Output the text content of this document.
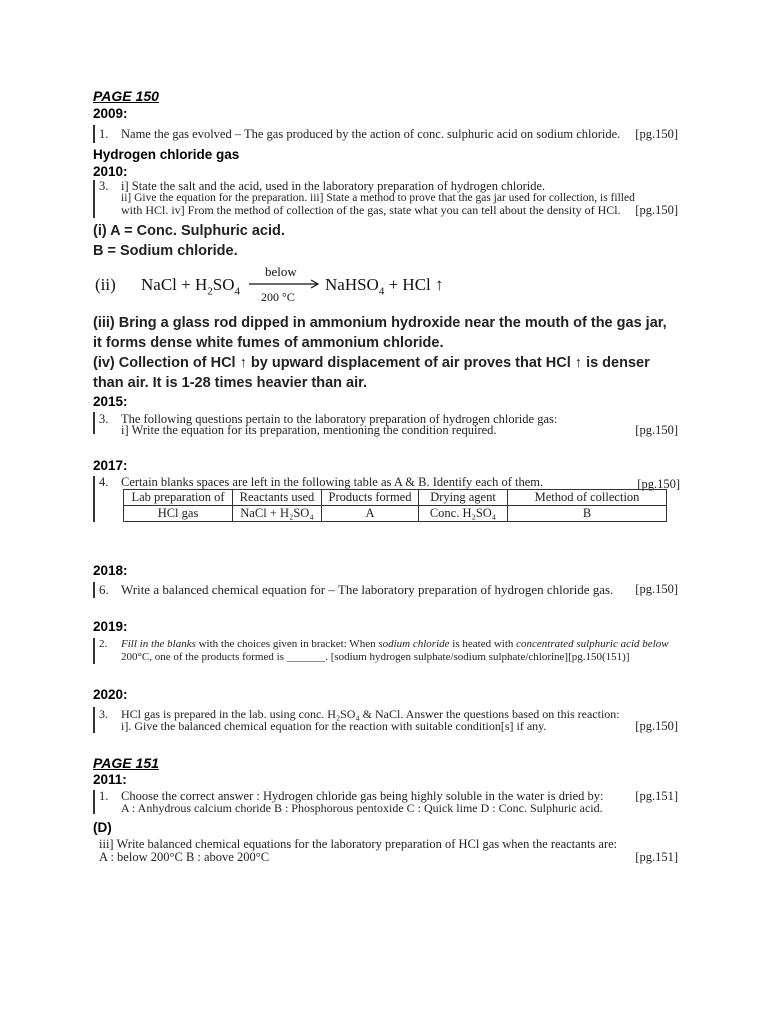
PAGE 150
2009:
1. Name the gas evolved – The gas produced by the action of conc. sulphuric acid on sodium chloride. [pg.150]
Hydrogen chloride gas
2010:
3. i] State the salt and the acid, used in the laboratory preparation of hydrogen chloride.
ii] Give the equation for the preparation. iii] State a method to prove that the gas jar used for collection, is filled
with HCl. iv] From the method of collection of the gas, state what you can tell about the density of HCl. [pg.150]
(i) A = Conc. Sulphuric acid.
B = Sodium chloride.
(ii) NaCl + $H_2SO_4$
below
200 °C
NaHSO$_4$ + HCl ↑
(iii) Bring a glass rod dipped in ammonium hydroxide near the mouth of the gas jar,
it forms dense white fumes of ammonium chloride.
(iv) Collection of HCl ↑ by upward displacement of air proves that HCl ↑ is denser
than air. It is 1-28 times heavier than air.
2015:
3. The following questions pertain to the laboratory preparation of hydrogen chloride gas:
i] Write the equation for its preparation, mentioning the condition required.	[pg.150]
2017:
4. Certain blanks spaces are left in the following table as A & B. Identify each of them.	[pg.150]
Lab preparation of	Reactants used	Products formed	Drying agent	Method of collection
HCl gas	NaCl + H₂SO₄	A	Conc. H₂SO₄	B
2018:
6. Write a balanced chemical equation for – The laboratory preparation of hydrogen chloride gas. [pg.150]
2019:
2. Fill in the blanks with the choices given in bracket: When sodium chloride is heated with concentrated sulphuric acid below
200°C, one of the products formed is _______. [sodium hydrogen sulphate/sodium sulphate/chlorine][pg.150(151)]
2020:
3. HCl gas is prepared in the lab. using conc. H₂SO₄ & NaCl. Answer the questions based on this reaction:
i]. Give the balanced chemical equation for the reaction with suitable condition[s] if any.	[pg.150]
PAGE 151
2011:
1. Choose the correct answer : Hydrogen chloride gas being highly soluble in the water is dried by:	[pg.151]
A : Anhydrous calcium choride B : Phosphorous pentoxide C : Quick lime D : Conc. Sulphuric acid.
(D)
iii] Write balanced chemical equations for the laboratory preparation of HCl gas when the reactants are:
A : below 200°C B : above 200°C	[pg.151]
